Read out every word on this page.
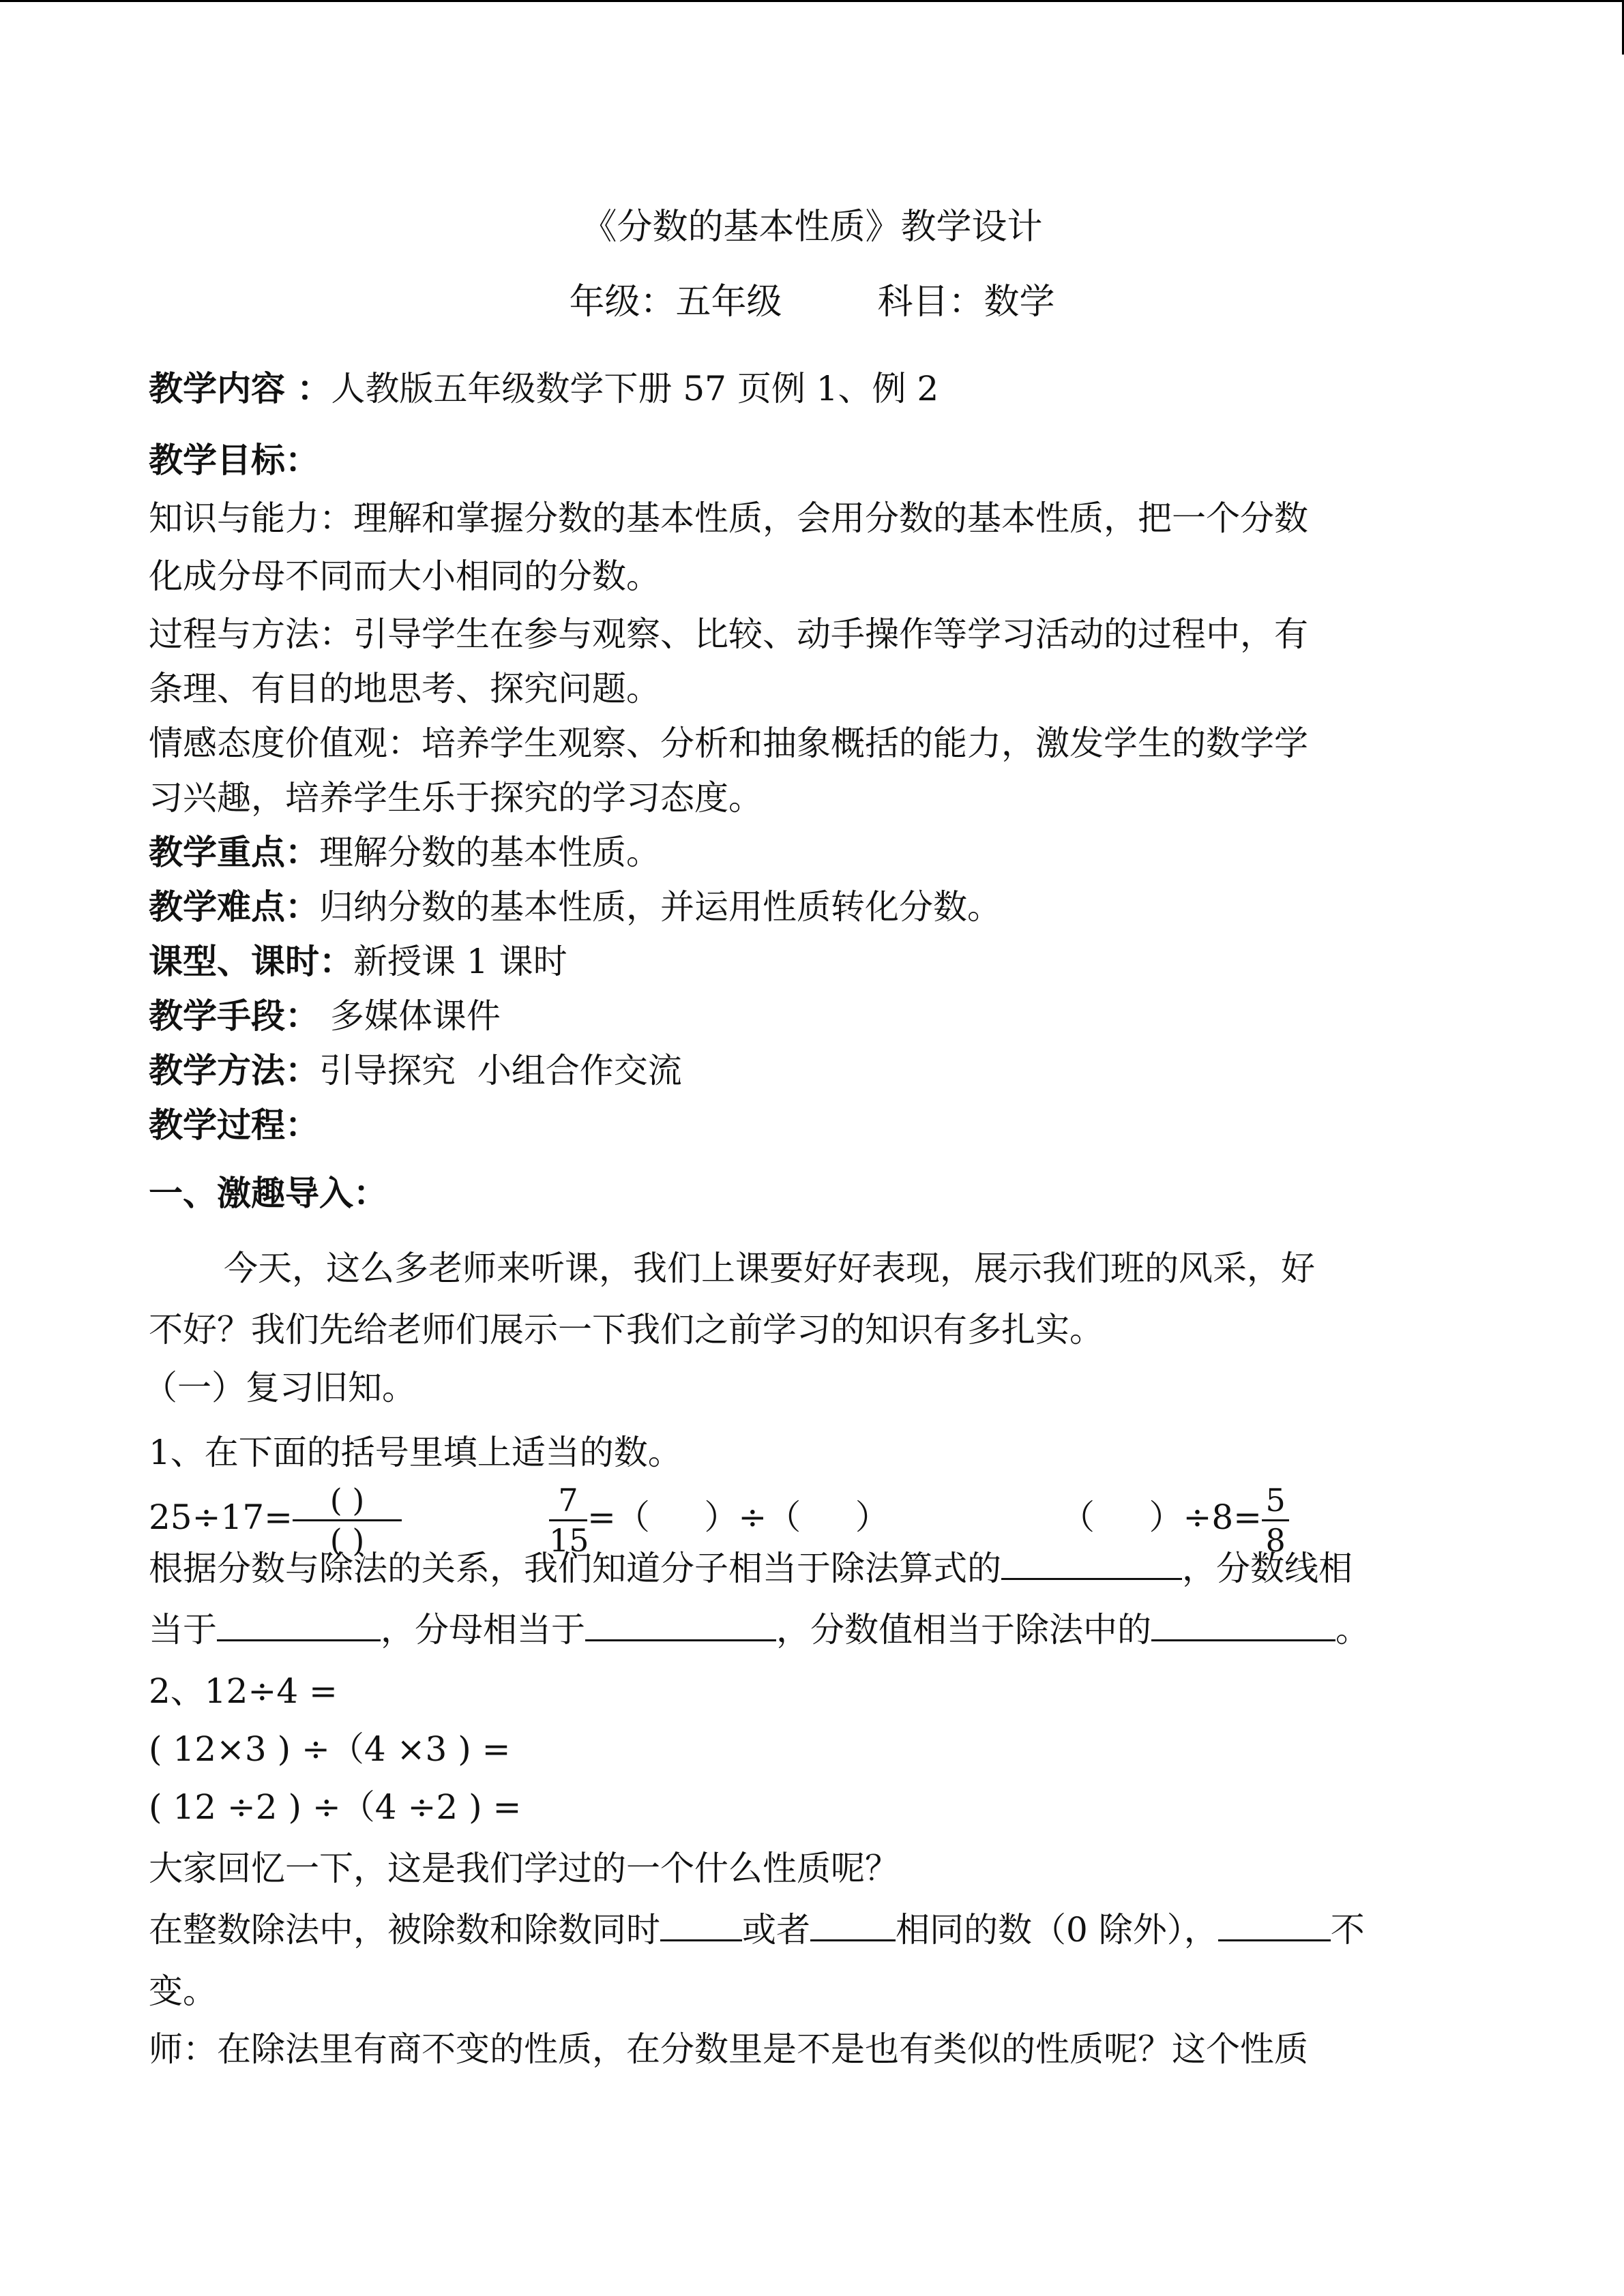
《分数的基本性质》教学设计
年级：五年级	科目：数学
教学内容 ：人教版五年级数学下册 57 页例 1、例 2
教学目标：
知识与能力：理解和掌握分数的基本性质，会用分数的基本性质，把一个分数
化成分母不同而大小相同的分数。
过程与方法：引导学生在参与观察、比较、动手操作等学习活动的过程中，有
条理、有目的地思考、探究问题。
情感态度价值观：培养学生观察、分析和抽象概括的能力，激发学生的数学学
习兴趣，培养学生乐于探究的学习态度。
教学重点：理解分数的基本性质。
教学难点：归纳分数的基本性质，并运用性质转化分数。
课型、课时：新授课 1 课时
教学手段： 多媒体课件
教学方法：引导探究  小组合作交流
教学过程：
一、激趣导入：
今天，这么多老师来听课，我们上课要好好表现，展示我们班的风采，好
不好？我们先给老师们展示一下我们之前学习的知识有多扎实。
（一）复习旧知。
1、在下面的括号里填上适当的数。
$25\div 17= \frac{( )}{( )}$	$\frac{7}{15}$ =（     ）÷（     ）	（     ）$\div 8= \frac{5}{8}$
根据分数与除法的关系，我们知道分子相当于除法算式的	，分数线相
当于	，分母相当于	，分数值相当于除法中的	。
2、12÷4 =
( 12×3 ) ÷（4 ×3 ) =
( 12 ÷2 ) ÷（4 ÷2 ) =
大家回忆一下，这是我们学过的一个什么性质呢？
在整数除法中，被除数和除数同时 或者	相同的数（0 除外），	不
变。
师：在除法里有商不变的性质，在分数里是不是也有类似的性质呢？这个性质
